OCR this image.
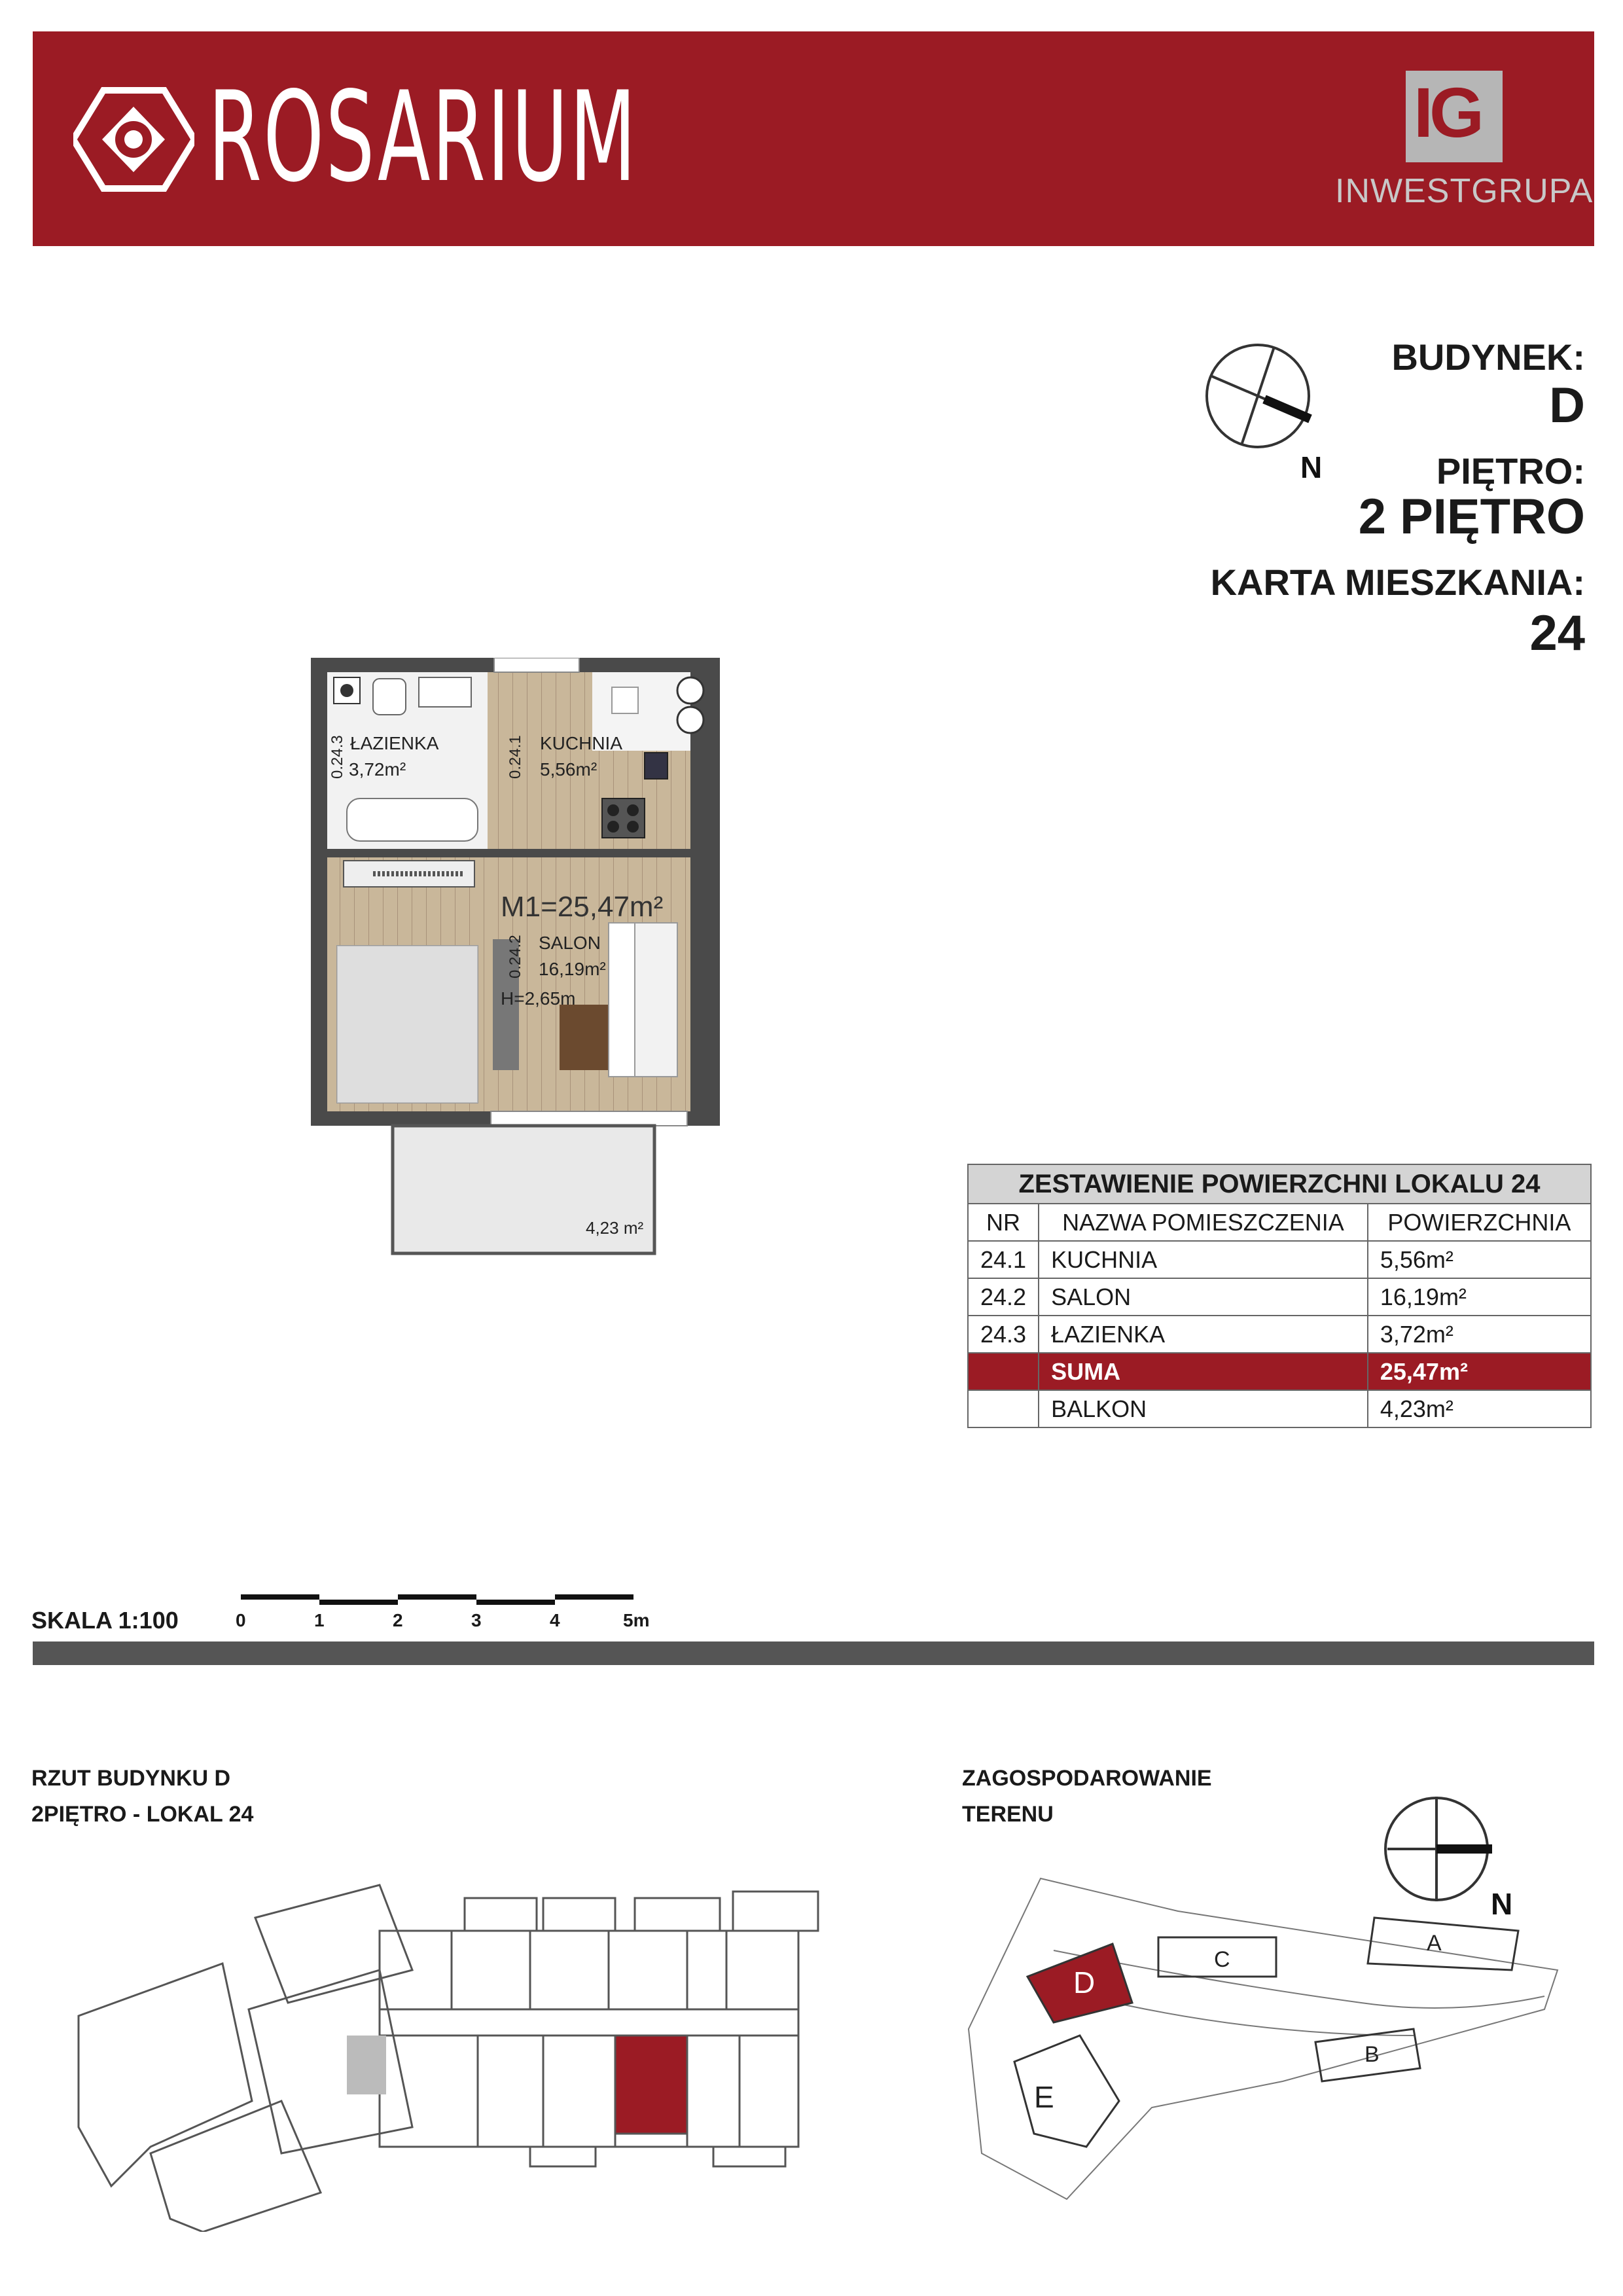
ROSARIUM	IG
INWESTGRUPA
BUDYNEK:
D
PIĘTRO:
2 PIĘTRO
KARTA MIESZKANIA:
24
N
ŁAZIENKA
3,72m²
0.24.3	KUCHNIA
5,56m²
0.24.1
M1=25,47m²
SALON
16,19m²
0.24.2
H=2,65m
4,23 m²
ZESTAWIENIE POWIERZCHNI LOKALU 24		
NR	NAZWA POMIESZCZENIA	POWIERZCHNIA
24.1	KUCHNIA	5,56m²
24.2	SALON	16,19m²
24.3	ŁAZIENKA	3,72m²
	SUMA	25,47m²
	BALKON	4,23m²
SKALA 1:100	0	1	2	3	4	5m
RZUT BUDYNKU D
2PIĘTRO - LOKAL 24
ZAGOSPODAROWANIE
TERENU
N
C
A
B
D
E
